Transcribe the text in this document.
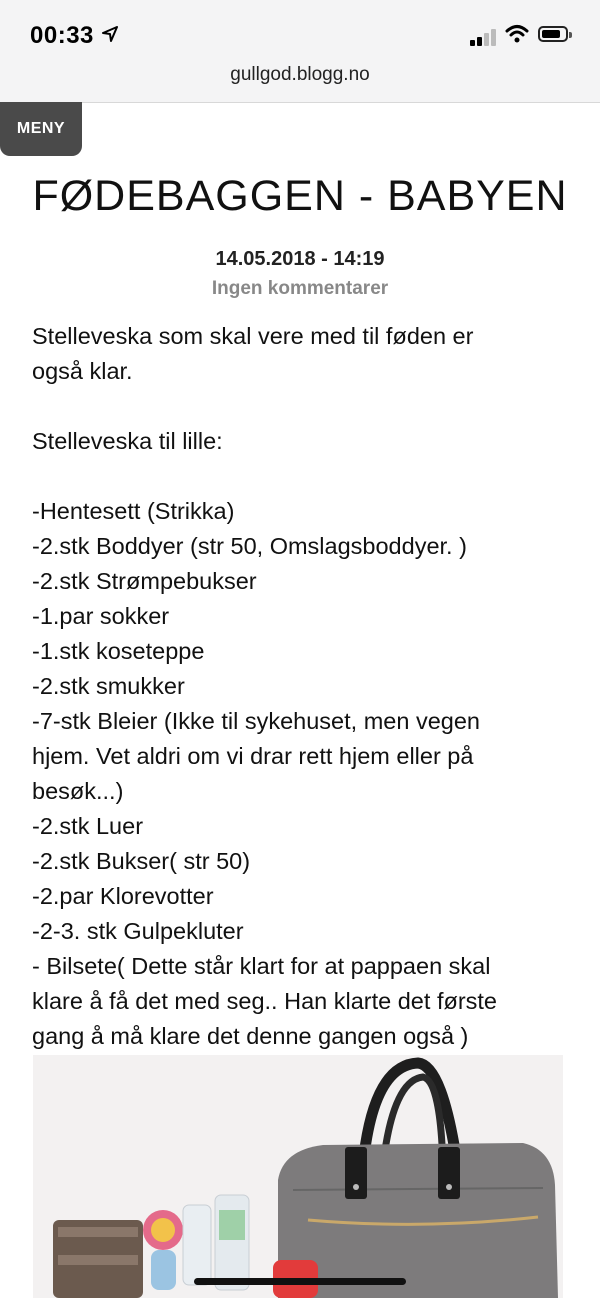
00:33
gullgod.blogg.no
MENY
FØDEBAGGEN - BABYEN
14.05.2018 - 14:19
Ingen kommentarer

Stelleveska som skal vere med til føden er

også klar.

Stelleveska til lille:

-Hentesett (Strikka)

-2.stk Boddyer (str 50, Omslagsboddyer. )

-2.stk Strømpebukser

-1.par sokker

-1.stk koseteppe

-2.stk smukker

-7-stk Bleier (Ikke til sykehuset, men vegen

hjem. Vet aldri om vi drar rett hjem eller på

besøk...)

-2.stk Luer

-2.stk Bukser( str 50)

-2.par Klorevotter

-2-3. stk Gulpekluter

- Bilsete( Dette står klart for at pappaen skal

klare å få det med seg.. Han klarte det første

gang å må klare det denne gangen også )
